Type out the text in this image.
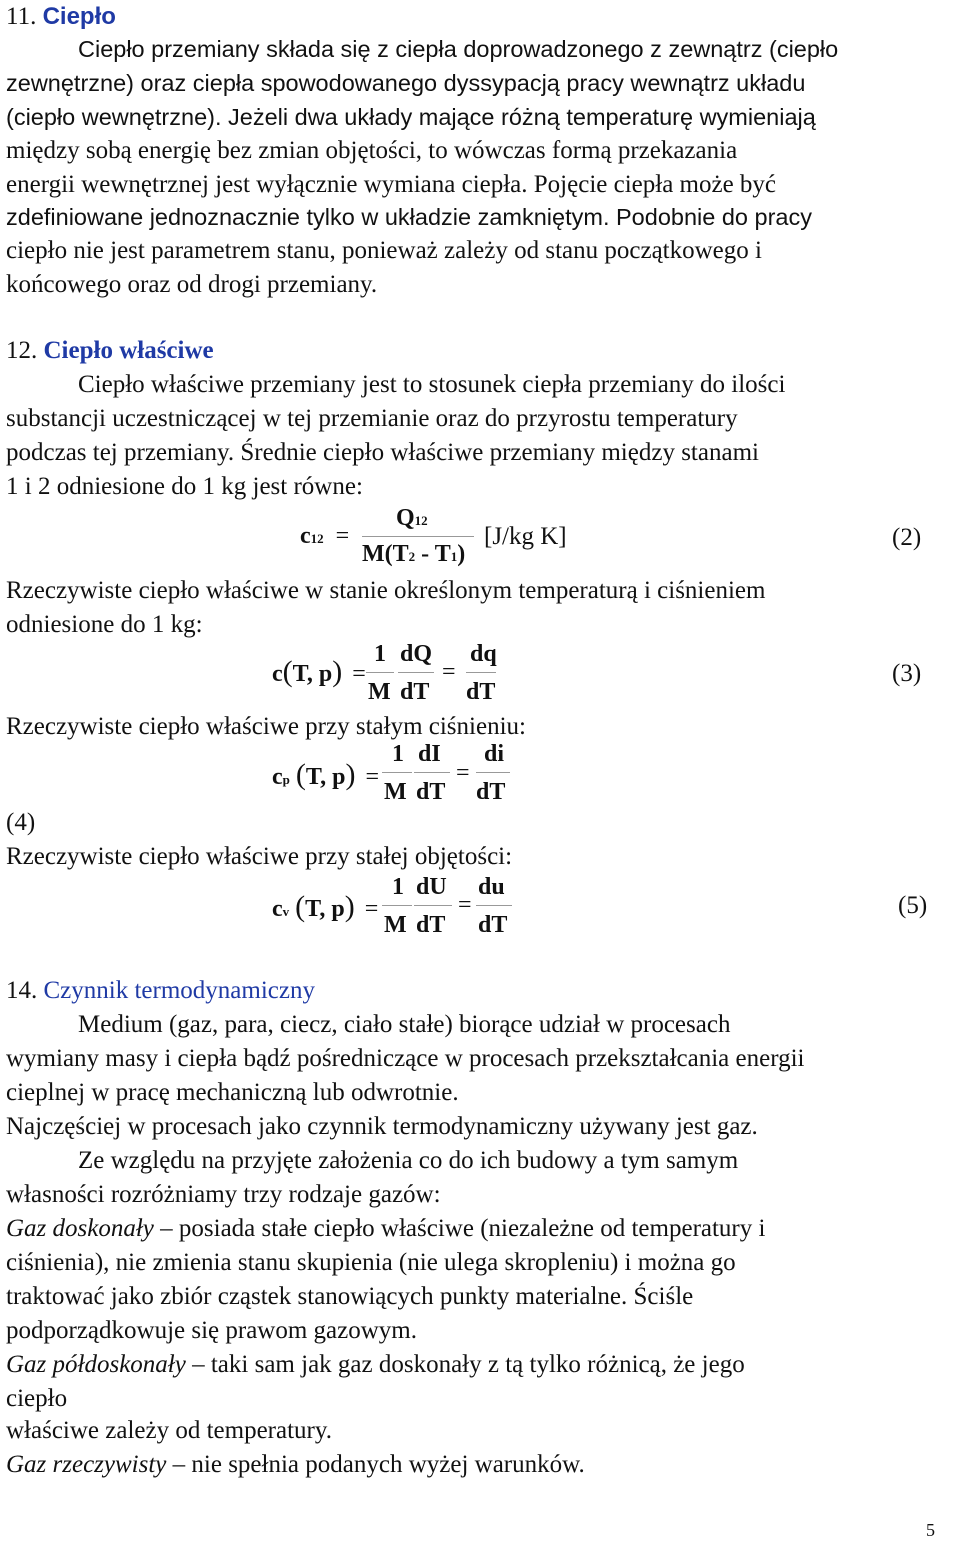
11. Ciepło
Ciepło przemiany składa się z ciepła doprowadzonego z zewnątrz (ciepło
zewnętrzne) oraz ciepła spowodowanego dyssypacją pracy wewnątrz układu
(ciepło wewnętrzne). Jeżeli dwa układy mające różną temperaturę wymieniają
między sobą energię bez zmian objętości, to wówczas formą przekazania
energii wewnętrznej jest wyłącznie wymiana ciepła. Pojęcie ciepła może być
zdefiniowane jednoznacznie tylko w układzie zamkniętym. Podobnie do pracy
ciepło nie jest parametrem stanu, ponieważ zależy od stanu początkowego i
końcowego oraz od drogi przemiany.
12. Ciepło właściwe
Ciepło właściwe przemiany jest to stosunek ciepła przemiany do ilości
substancji uczestniczącej w tej przemianie oraz do przyrostu temperatury
podczas tej przemiany. Średnie ciepło właściwe przemiany między stanami
1 i 2 odniesione do 1 kg jest równe:
c12 =
Q12
M(T2 - T1)
[J/kg K]	(2)
Rzeczywiste ciepło właściwe w stanie określonym temperaturą i ciśnieniem
odniesione do 1 kg:
c(T, p) =
1
M
dQ
dT
=
dq
dT
(3)
Rzeczywiste ciepło właściwe przy stałym ciśnieniu:
cp (T, p) =
1
M
dI
dT
=
di
dT
(4)
Rzeczywiste ciepło właściwe przy stałej objętości:
cv (T, p) =
1
M
dU
dT
=
du
dT
(5)
14. Czynnik termodynamiczny
Medium (gaz, para, ciecz, ciało stałe) biorące udział w procesach
wymiany masy i ciepła bądź pośredniczące w procesach przekształcania energii
cieplnej w pracę mechaniczną lub odwrotnie.
Najczęściej w procesach jako czynnik termodynamiczny używany jest gaz.
Ze względu na przyjęte założenia co do ich budowy a tym samym
własności rozróżniamy trzy rodzaje gazów:
Gaz doskonały – posiada stałe ciepło właściwe (niezależne od temperatury i
ciśnienia), nie zmienia stanu skupienia (nie ulega skropleniu) i można go
traktować jako zbiór cząstek stanowiących punkty materialne. Ściśle
podporządkowuje się prawom gazowym.
Gaz półdoskonały – taki sam jak gaz doskonały z tą tylko różnicą, że jego
ciepło
właściwe zależy od temperatury.
Gaz rzeczywisty – nie spełnia podanych wyżej warunków.
5
